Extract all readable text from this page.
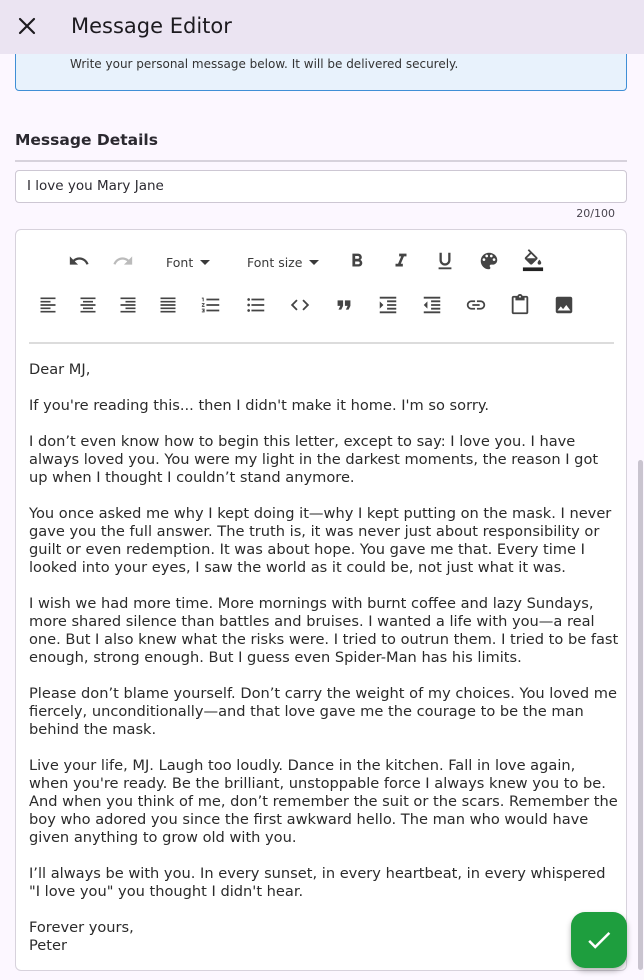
Message Editor
Write your personal message below. It will be delivered securely.
Message Details
I love you Mary Jane
20/100
Font	Font size

Dear MJ,

If you're reading this... then I didn't make it home. I'm so sorry.

I don’t even know how to begin this letter, except to say: I love you. I have always loved you. You were my light in the darkest moments, the reason I got up when I thought I couldn’t stand anymore.

You once asked me why I kept doing it—why I kept putting on the mask. I never gave you the full answer. The truth is, it was never just about responsibility or guilt or even redemption. It was about hope. You gave me that. Every time I looked into your eyes, I saw the world as it could be, not just what it was.

I wish we had more time. More mornings with burnt coffee and lazy Sundays, more shared silence than battles and bruises. I wanted a life with you—a real one. But I also knew what the risks were. I tried to outrun them. I tried to be fast enough, strong enough. But I guess even Spider-Man has his limits.

Please don’t blame yourself. Don’t carry the weight of my choices. You loved me fiercely, unconditionally—and that love gave me the courage to be the man behind the mask.

Live your life, MJ. Laugh too loudly. Dance in the kitchen. Fall in love again, when you're ready. Be the brilliant, unstoppable force I always knew you to be. And when you think of me, don’t remember the suit or the scars. Remember the boy who adored you since the first awkward hello. The man who would have given anything to grow old with you.

I’ll always be with you. In every sunset, in every heartbeat, in every whispered "I love you" you thought I didn't hear.

Forever yours,

Peter
